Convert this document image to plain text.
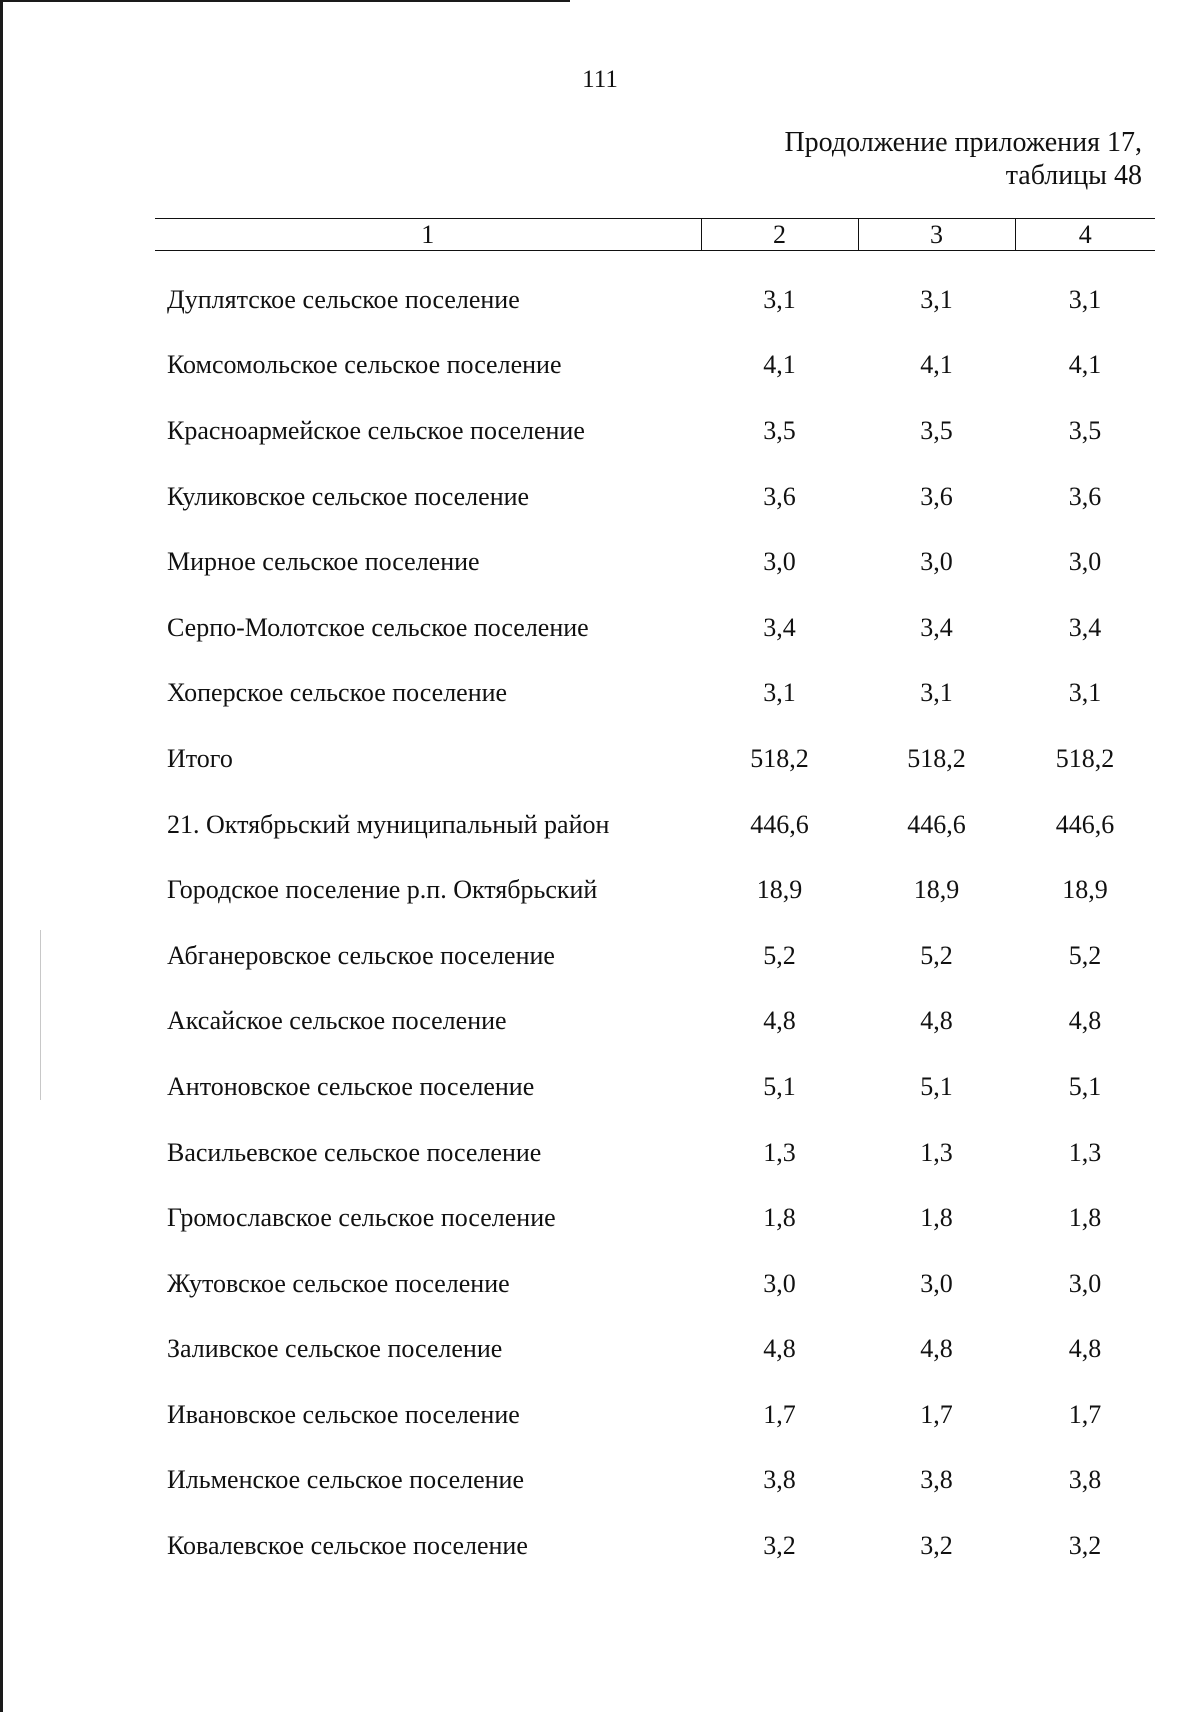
111
Продолжение приложения 17,
таблицы 48
1	2	3	4

Дуплятское сельское поселение	3,1	3,1	3,1
Комсомольское сельское поселение	4,1	4,1	4,1
Красноармейское сельское поселение	3,5	3,5	3,5
Куликовское сельское поселение	3,6	3,6	3,6
Мирное сельское поселение	3,0	3,0	3,0
Серпо-Молотское сельское поселение	3,4	3,4	3,4
Хоперское сельское поселение	3,1	3,1	3,1
Итого	518,2	518,2	518,2
21. Октябрьский муниципальный район	446,6	446,6	446,6
Городское поселение р.п. Октябрьский	18,9	18,9	18,9
Абганеровское сельское поселение	5,2	5,2	5,2
Аксайское сельское поселение	4,8	4,8	4,8
Антоновское сельское поселение	5,1	5,1	5,1
Васильевское сельское поселение	1,3	1,3	1,3
Громославское сельское поселение	1,8	1,8	1,8
Жутовское сельское поселение	3,0	3,0	3,0
Заливское сельское поселение	4,8	4,8	4,8
Ивановское сельское поселение	1,7	1,7	1,7
Ильменское сельское поселение	3,8	3,8	3,8
Ковалевское сельское поселение	3,2	3,2	3,2
